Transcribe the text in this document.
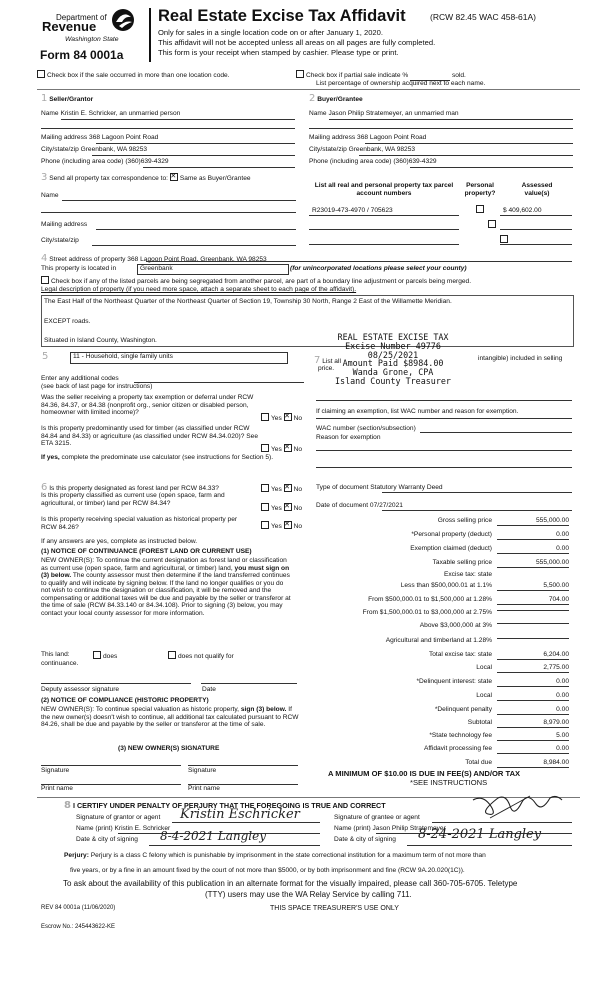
Department of
Revenue
Washington State
Form 84 0001a
Real Estate Excise Tax Affidavit	(RCW 82.45 WAC 458-61A)
Only for sales in a single location code on or after January 1, 2020.
This affidavit will not be accepted unless all areas on all pages are fully completed.
This form is your receipt when stamped by cashier. Please type or print.
Check box if the sale occurred in more than one location code.	Check box if partial sale indicate %	sold.
List percentage of ownership acquired next to each name.
1 Seller/Grantor
Name Kristin E. Schricker, an unmarried person
Mailing address 368 Lagoon Point Road
City/state/zip Greenbank, WA 98253
Phone (including area code) (360)639-4329
2 Buyer/Grantee
Name Jason Philip Stratemeyer, an unmarried man
Mailing address 368 Lagoon Point Road
City/state/zip Greenbank, WA 98253
Phone (including area code) (360)639-4329
3 Send all property tax correspondence to: ✕ Same as Buyer/Grantee
Name
Mailing address
City/state/zip
List all real and personal property tax parcel account numbers
Personal property?
Assessed value(s)
R23019-473-4970 / 705623
	$ 409,602.00
4 Street address of property 368 Lagoon Point Road, Greenbank, WA 98253
This property is located in	Greenbank	(for unincorporated locations please select your county)
Check box if any of the listed parcels are being segregated from another parcel, are part of a boundary line adjustment or parcels being merged.
Legal description of property (if you need more space, attach a separate sheet to each page of the affidavit).
The East Half of the Northeast Quarter of the Northeast Quarter of Section 19, Township 30 North, Range 2 East of the Willamette Meridian.
EXCEPT roads.
Situated in Island County, Washington.	REAL ESTATE EXCISE TAX
Excise Number 49776
08/25/2021
Amount Paid $8984.00
Wanda Grone, CPA
Island County Treasurer
5	11 - Household, single family units	7 List all	intangible) included in selling
price.
Enter any additional codes
(see back of last page for instructions)
Was the seller receiving a property tax exemption or deferral under RCW 84.36, 84.37, or 84.38 (nonprofit org., senior citizen or disabled person, homeowner with limited income)?
Yes ✕ No
Is this property predominantly used for timber (as classified under RCW 84.84 and 84.33) or agriculture (as classified under RCW 84.34.020)? See ETA 3215.
Yes ✕ No
If yes, complete the predominate use calculator (see instructions for Section 5).
If claiming an exemption, list WAC number and reason for exemption.
WAC number (section/subsection)
Reason for exemption
6 Is this property designated as forest land per RCW 84.33?	Yes ✕ No
Is this property classified as current use (open space, farm and agricultural, or timber) land per RCW 84.34?
Yes ✕ No
Is this property receiving special valuation as historical property per RCW 84.26?	Yes ✕ No
If any answers are yes, complete as instructed below.
(1) NOTICE OF CONTINUANCE (FOREST LAND OR CURRENT USE)
NEW OWNER(S): To continue the current designation as forest land or classification as current use (open space, farm and agricultural, or timber) land, you must sign on (3) below. The county assessor must then determine if the land transferred continues to qualify and will indicate by signing below. If the land no longer qualifies or you do not wish to continue the designation or classification, it will be removed and the compensating or additional taxes will be due and payable by the seller or transferor at the time of sale (RCW 84.33.140 or 84.34.108). Prior to signing (3) below, you may contact your local county assessor for more information.
This land:	does	does not qualify for
continuance.
Deputy assessor signature	Date
(2) NOTICE OF COMPLIANCE (HISTORIC PROPERTY)
NEW OWNER(S): To continue special valuation as historic property, sign (3) below. If the new owner(s) doesn't wish to continue, all additional tax calculated pursuant to RCW 84.26, shall be due and payable by the seller or transferor at the time of sale.
(3) NEW OWNER(S) SIGNATURE
Signature	Signature
Print name	Print name
Type of document Statutory Warranty Deed
Date of document 07/27/2021
Gross selling price	555,000.00
*Personal property (deduct)	0.00
Exemption claimed (deduct)	0.00
Taxable selling price	555,000.00
Excise tax: state
Less than $500,000.01 at 1.1%	5,500.00
From $500,000.01 to $1,500,000 at 1.28%	704.00
From $1,500,000.01 to $3,000,000 at 2.75%
Above $3,000,000 at 3%
Agricultural and timberland at 1.28%
Total excise tax: state	6,204.00
Local	2,775.00
*Delinquent interest: state	0.00
Local	0.00
*Delinquent penalty	0.00
Subtotal	8,979.00
*State technology fee	5.00
Affidavit processing fee	0.00
Total due	8,984.00
A MINIMUM OF $10.00 IS DUE IN FEE(S) AND/OR TAX
*SEE INSTRUCTIONS
8 I CERTIFY UNDER PENALTY OF PERJURY THAT THE FOREGOING IS TRUE AND CORRECT
Signature of grantor or agent Kristin Eschricker
Name (print) Kristin E. Schricker
Date & city of signing 8-4-2021 Langley
Signature of grantee or agent
Name (print) Jason Philip Stratemeyer
Date & city of signing 8-24-2021 Langley
Perjury: Perjury is a class C felony which is punishable by imprisonment in the state correctional institution for a maximum term of not more than
five years, or by a fine in an amount fixed by the court of not more than $5000, or by both imprisonment and fine (RCW 9A.20.020(1C)).
To ask about the availability of this publication in an alternate format for the visually impaired, please call 360-705-6705. Teletype
(TTY) users may use the WA Relay Service by calling 711.
REV 84 0001a (11/06/2020)	THIS SPACE TREASURER'S USE ONLY
Escrow No.: 245443622-KE
